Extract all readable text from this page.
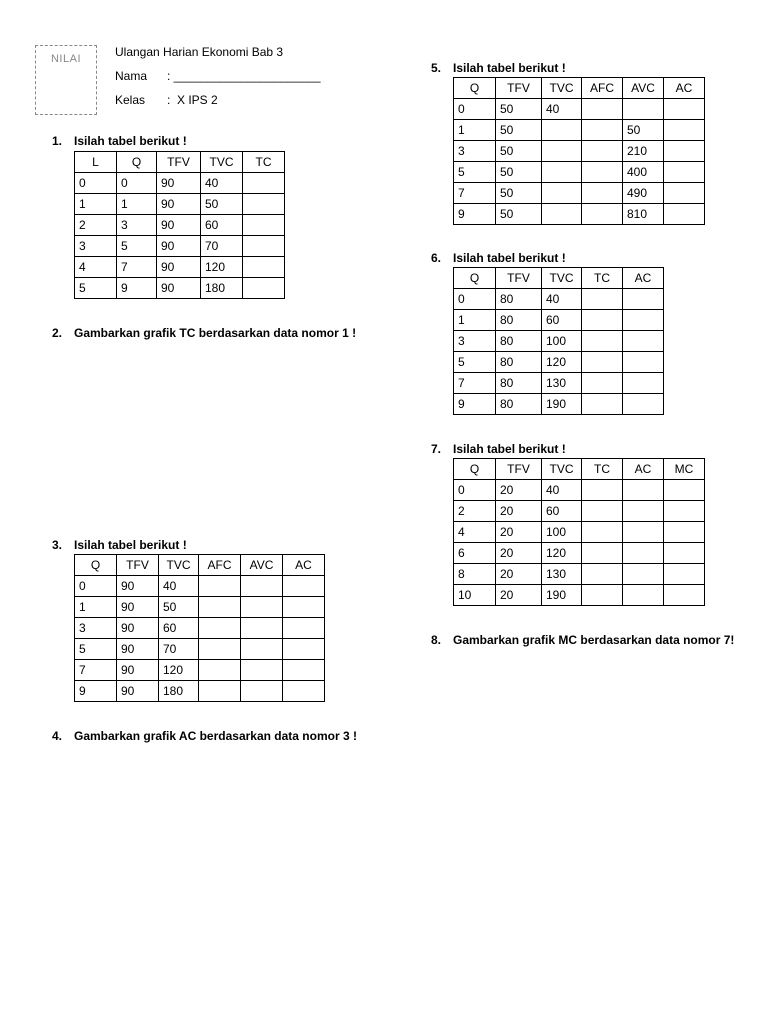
NILAI	Ulangan Harian Ekonomi Bab 3
Nama : ______________________
Kelas :  X IPS 2
1. Isilah tabel berikut !
L	Q	TFV	TVC	TC
0	0	90	40	
1	1	90	50	
2	3	90	60	
3	5	90	70	
4	7	90	120	
5	9	90	180	
2. Gambarkan grafik TC berdasarkan data nomor 1 !
3. Isilah tabel berikut !
Q	TFV	TVC	AFC	AVC	AC
0	90	40			
1	90	50			
3	90	60			
5	90	70			
7	90	120			
9	90	180			
4. Gambarkan grafik AC berdasarkan data nomor 3 !
5. Isilah tabel berikut !
Q	TFV	TVC	AFC	AVC	AC
0	50	40			
1	50			50	
3	50			210	
5	50			400	
7	50			490	
9	50			810	
6. Isilah tabel berikut !
Q	TFV	TVC	TC	AC
0	80	40		
1	80	60		
3	80	100		
5	80	120		
7	80	130		
9	80	190		
7. Isilah tabel berikut !
Q	TFV	TVC	TC	AC	MC
0	20	40			
2	20	60			
4	20	100			
6	20	120			
8	20	130			
10	20	190			
8. Gambarkan grafik MC berdasarkan data nomor 7!
